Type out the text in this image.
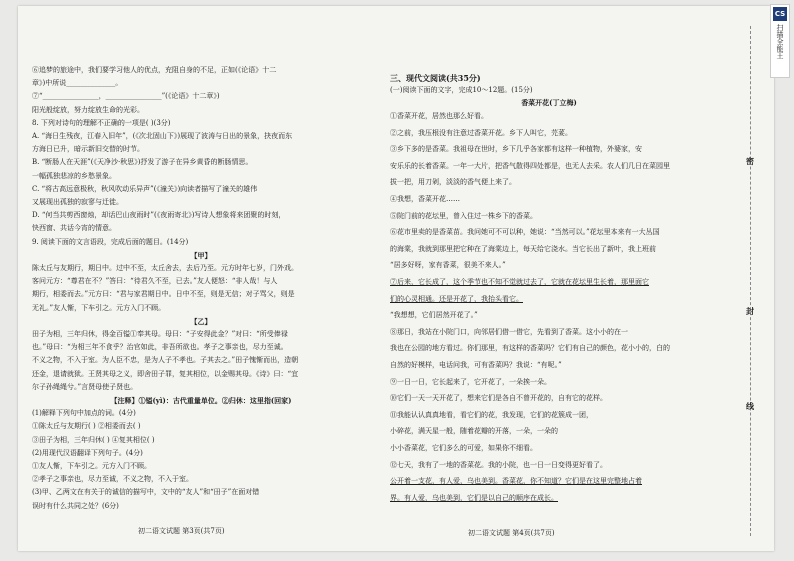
⑥追梦的旅途中，我们要学习他人的优点，充阻自身的不足，正如(《论语》十二
章》)中所说______________。
⑦“________________，________________”(《论语》十二章》)
阳光般绽放，努力绽放生命的光彩。
8. 下列对诗句的理解不正确的一项是( )(3分)
A. “海日生残夜，江春入旧年”，(《次北固山下》)展现了波涛与日出的景象，抉夜而东
方海日已升，暗示新旧交替的时节。
B. “断肠人在天涯”(《天净沙·秋思》)抒发了游子在异乡黄昏的断肠情思。
一幅孤独悲凉的乡愁景象。
C. “将古高远意极秋，秋风吹动乐异声”(《潼关》)向读者描写了潼关的雄伟
又展现出孤独的寂寥与迁徙。
D. “何当共剪西窗烛，却话巴山夜雨时”(《夜雨寄北》)写诗人想象将来团聚的时刻，
快西窗、共话今宵的情意。
9. 阅读下面的文言语段，完成后面的题目。(14分)
【甲】
陈太丘与友期行，期日中。过中不至，太丘舍去，去后乃至。元方时年七岁，门外戏。
客问元方：“尊君在不？”答曰：“待君久不至，已去。”友人便怒：“非人哉！与人
期行，相委而去。”元方曰：“君与家君期日中。日中不至，则是无信；对子骂父，则是
无礼。”友人惭，下车引之。元方入门不顾。
【乙】
田子为相，三年归休，得金百镒①奉其母。母曰：“子安得此金？”对曰：“所受俸禄
也。”母曰：“为相三年不食乎？治官如此，非吾所欲也。孝子之事亲也，尽力至诚。
不义之物，不入于室。为人臣不忠，是为人子不孝也。子其去之。”田子愧惭而出，造朝
还金，退请就狱。王贤其母之义，即舍田子罪，复其相位，以金赐其母。《诗》曰：“宜
尔子孙绳绳兮。”言贤母使子贤也。
【注释】①镒(yì)：古代重量单位。②归休：这里指(回家)
(1)解释下列句中加点的词。(4分)
①陈太丘与友期行( ) ②相委而去( )
③田子为相，三年归休( ) ④复其相位( )
(2)用现代汉语翻译下列句子。(4分)
①友人惭，下车引之。元方入门不顾。
②孝子之事亲也，尽力至诚，不义之物，不入于室。
(3)甲、乙两文在有关于的诚信的描写中，文中的“友人”和“田子”在面对错
误时有什么共同之处？(6分)
初二语文试题 第3页(共7页)
三、现代文阅读(共35分)
(一)阅读下面的文字，完成10～12题。(15分)
香菜开花(丁立梅)
①香菜开花，居然也那么好看。
②之前，我压根没有注意过香菜开花。乡下人叫它，芫荽。
③乡下多的是香菜。我祖母在世时，乡下几乎各家都有这样一种植物，外婆家，安
安乐乐的长着香菜。一年一大片，把香气散得四处都是，也无人去采。农人们几日在菜园里
拔一把，用刀剁，淡淡的香气便上来了。
④我想，香菜开花……
⑤院门前的花坛里，曾入住过一株乡下的香菜。
⑥花市里卖的是香菜苗。我问她可不可以种，她说：“当然可以。”花坛里本来有一大丛国
的海棠，我就到那里把它种在了海棠边上，每天给它浇水。当它长出了新叶，我上班前
“居多好呀，家有香菜，很美不来人。”
⑦后来，它长成了，这个季节也不知不觉就过去了，它就在花坛里生长着，那里面它
们的心灵相通。还是开花了，我抬头看它。
“我想想，它们居然开花了。”
⑧那日，我站在小院门口，向邻居们借一借它，先看到了香菜。这小小的在一
我也在公园的地方看过。你们那里，有这样的香菜吗？它们有自己的颜色，花小小的，白的
自然的好模样，电话问我，可有香菜吗？我说：“有呢。”
⑨一日一日，它长起来了，它开花了，一朵挨一朵。
⑩它们一天一天开花了，想来它们是各自不曾开花的，自有它的花样。
⑪我能认认真真地看，看它们的花，我发现，它们的花簇成一团，
小碎花，满天星一般，随着花瓣的开落，一朵，一朵的
小小香菜花，它们多么的可爱，如果你不细看。
⑫七天，我有了一地的香菜花。我的小院，也一日一日变得更好看了。
公开着一支花，有人爱，乌也美到。香菜花，你不知道？它们是在这里完整地占着
界。有人爱，乌也美到，它们是以自己的顺序在成长。
初二语文试题 第4页(共7页)
密
封
线
CS
扫描全能王
